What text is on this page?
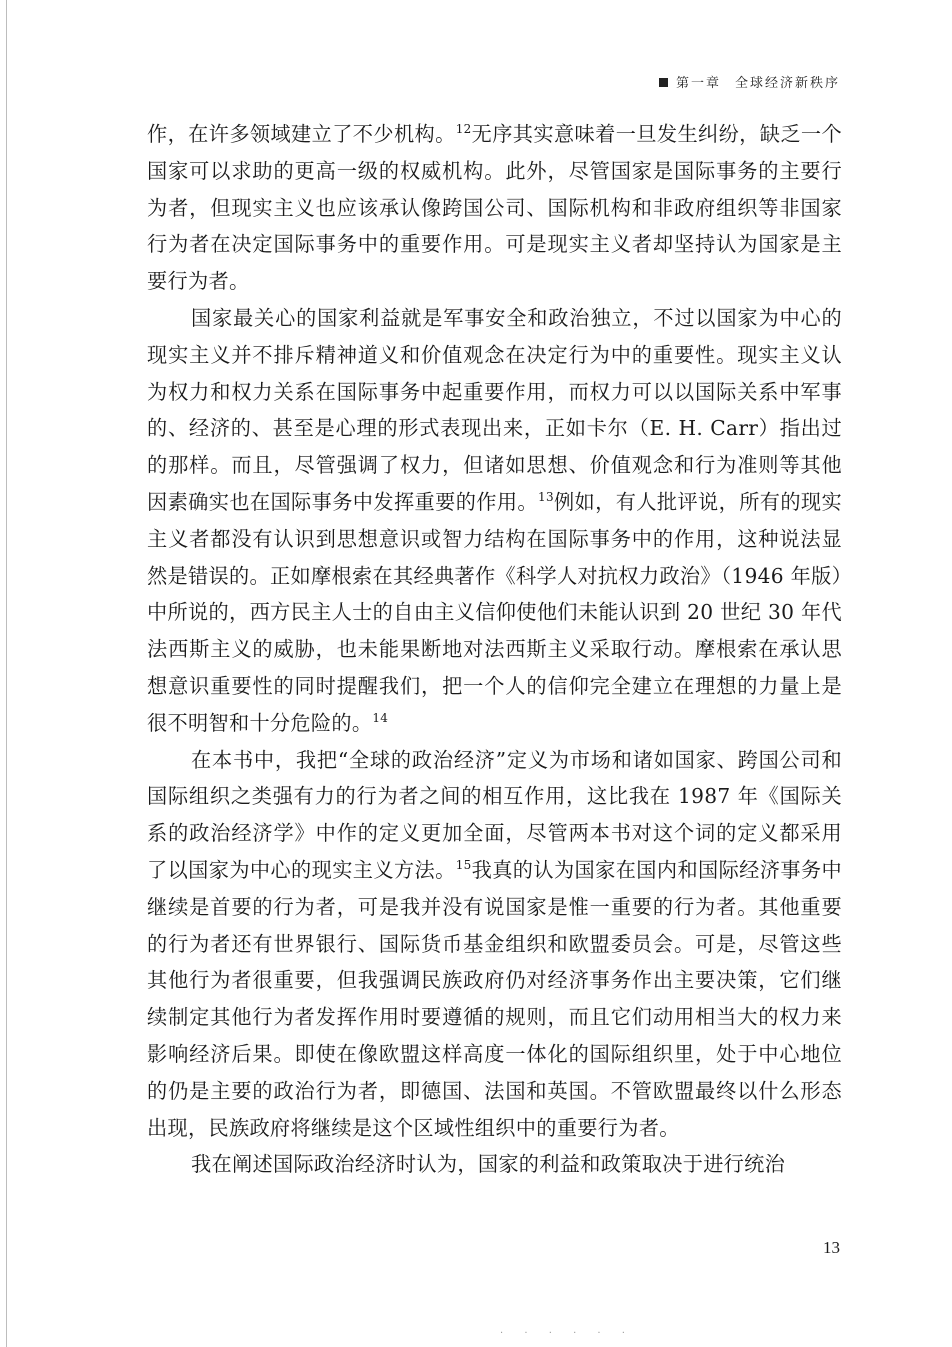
第一章 全球经济新秩序

作，在许多领域建立了不少机构。$^{12}$无序其实意味着一旦发生纠纷，缺乏一个国家可以求助的更高一级的权威机构。此外，尽管国家是国际事务的主要行为者，但现实主义也应该承认像跨国公司、国际机构和非政府组织等非国家行为者在决定国际事务中的重要作用。可是现实主义者却坚持认为国家是主要行为者。

国家最关心的国家利益就是军事安全和政治独立，不过以国家为中心的现实主义并不排斥精神道义和价值观念在决定行为中的重要性。现实主义认为权力和权力关系在国际事务中起重要作用，而权力可以以国际关系中军事的、经济的、甚至是心理的形式表现出来，正如卡尔（E. H. Carr）指出过的那样。而且，尽管强调了权力，但诸如思想、价值观念和行为准则等其他因素确实也在国际事务中发挥重要的作用。$^{13}$例如，有人批评说，所有的现实主义者都没有认识到思想意识或智力结构在国际事务中的作用，这种说法显然是错误的。正如摩根索在其经典著作《科学人对抗权力政治》（1946 年版）中所说的，西方民主人士的自由主义信仰使他们未能认识到 20 世纪 30 年代法西斯主义的威胁，也未能果断地对法西斯主义采取行动。摩根索在承认思想意识重要性的同时提醒我们，把一个人的信仰完全建立在理想的力量上是很不明智和十分危险的。$^{14}$

在本书中，我把“全球的政治经济”定义为市场和诸如国家、跨国公司和国际组织之类强有力的行为者之间的相互作用，这比我在 1987 年《国际关系的政治经济学》中作的定义更加全面，尽管两本书对这个词的定义都采用了以国家为中心的现实主义方法。$^{15}$我真的认为国家在国内和国际经济事务中继续是首要的行为者，可是我并没有说国家是惟一重要的行为者。其他重要的行为者还有世界银行、国际货币基金组织和欧盟委员会。可是，尽管这些其他行为者很重要，但我强调民族政府仍对经济事务作出主要决策，它们继续制定其他行为者发挥作用时要遵循的规则，而且它们动用相当大的权力来影响经济后果。即使在像欧盟这样高度一体化的国际组织里，处于中心地位的仍是主要的政治行为者，即德国、法国和英国。不管欧盟最终以什么形态出现，民族政府将继续是这个区域性组织中的重要行为者。

我在阐述国际政治经济时认为，国家的利益和政策取决于进行统治

13
· · · · · ·
